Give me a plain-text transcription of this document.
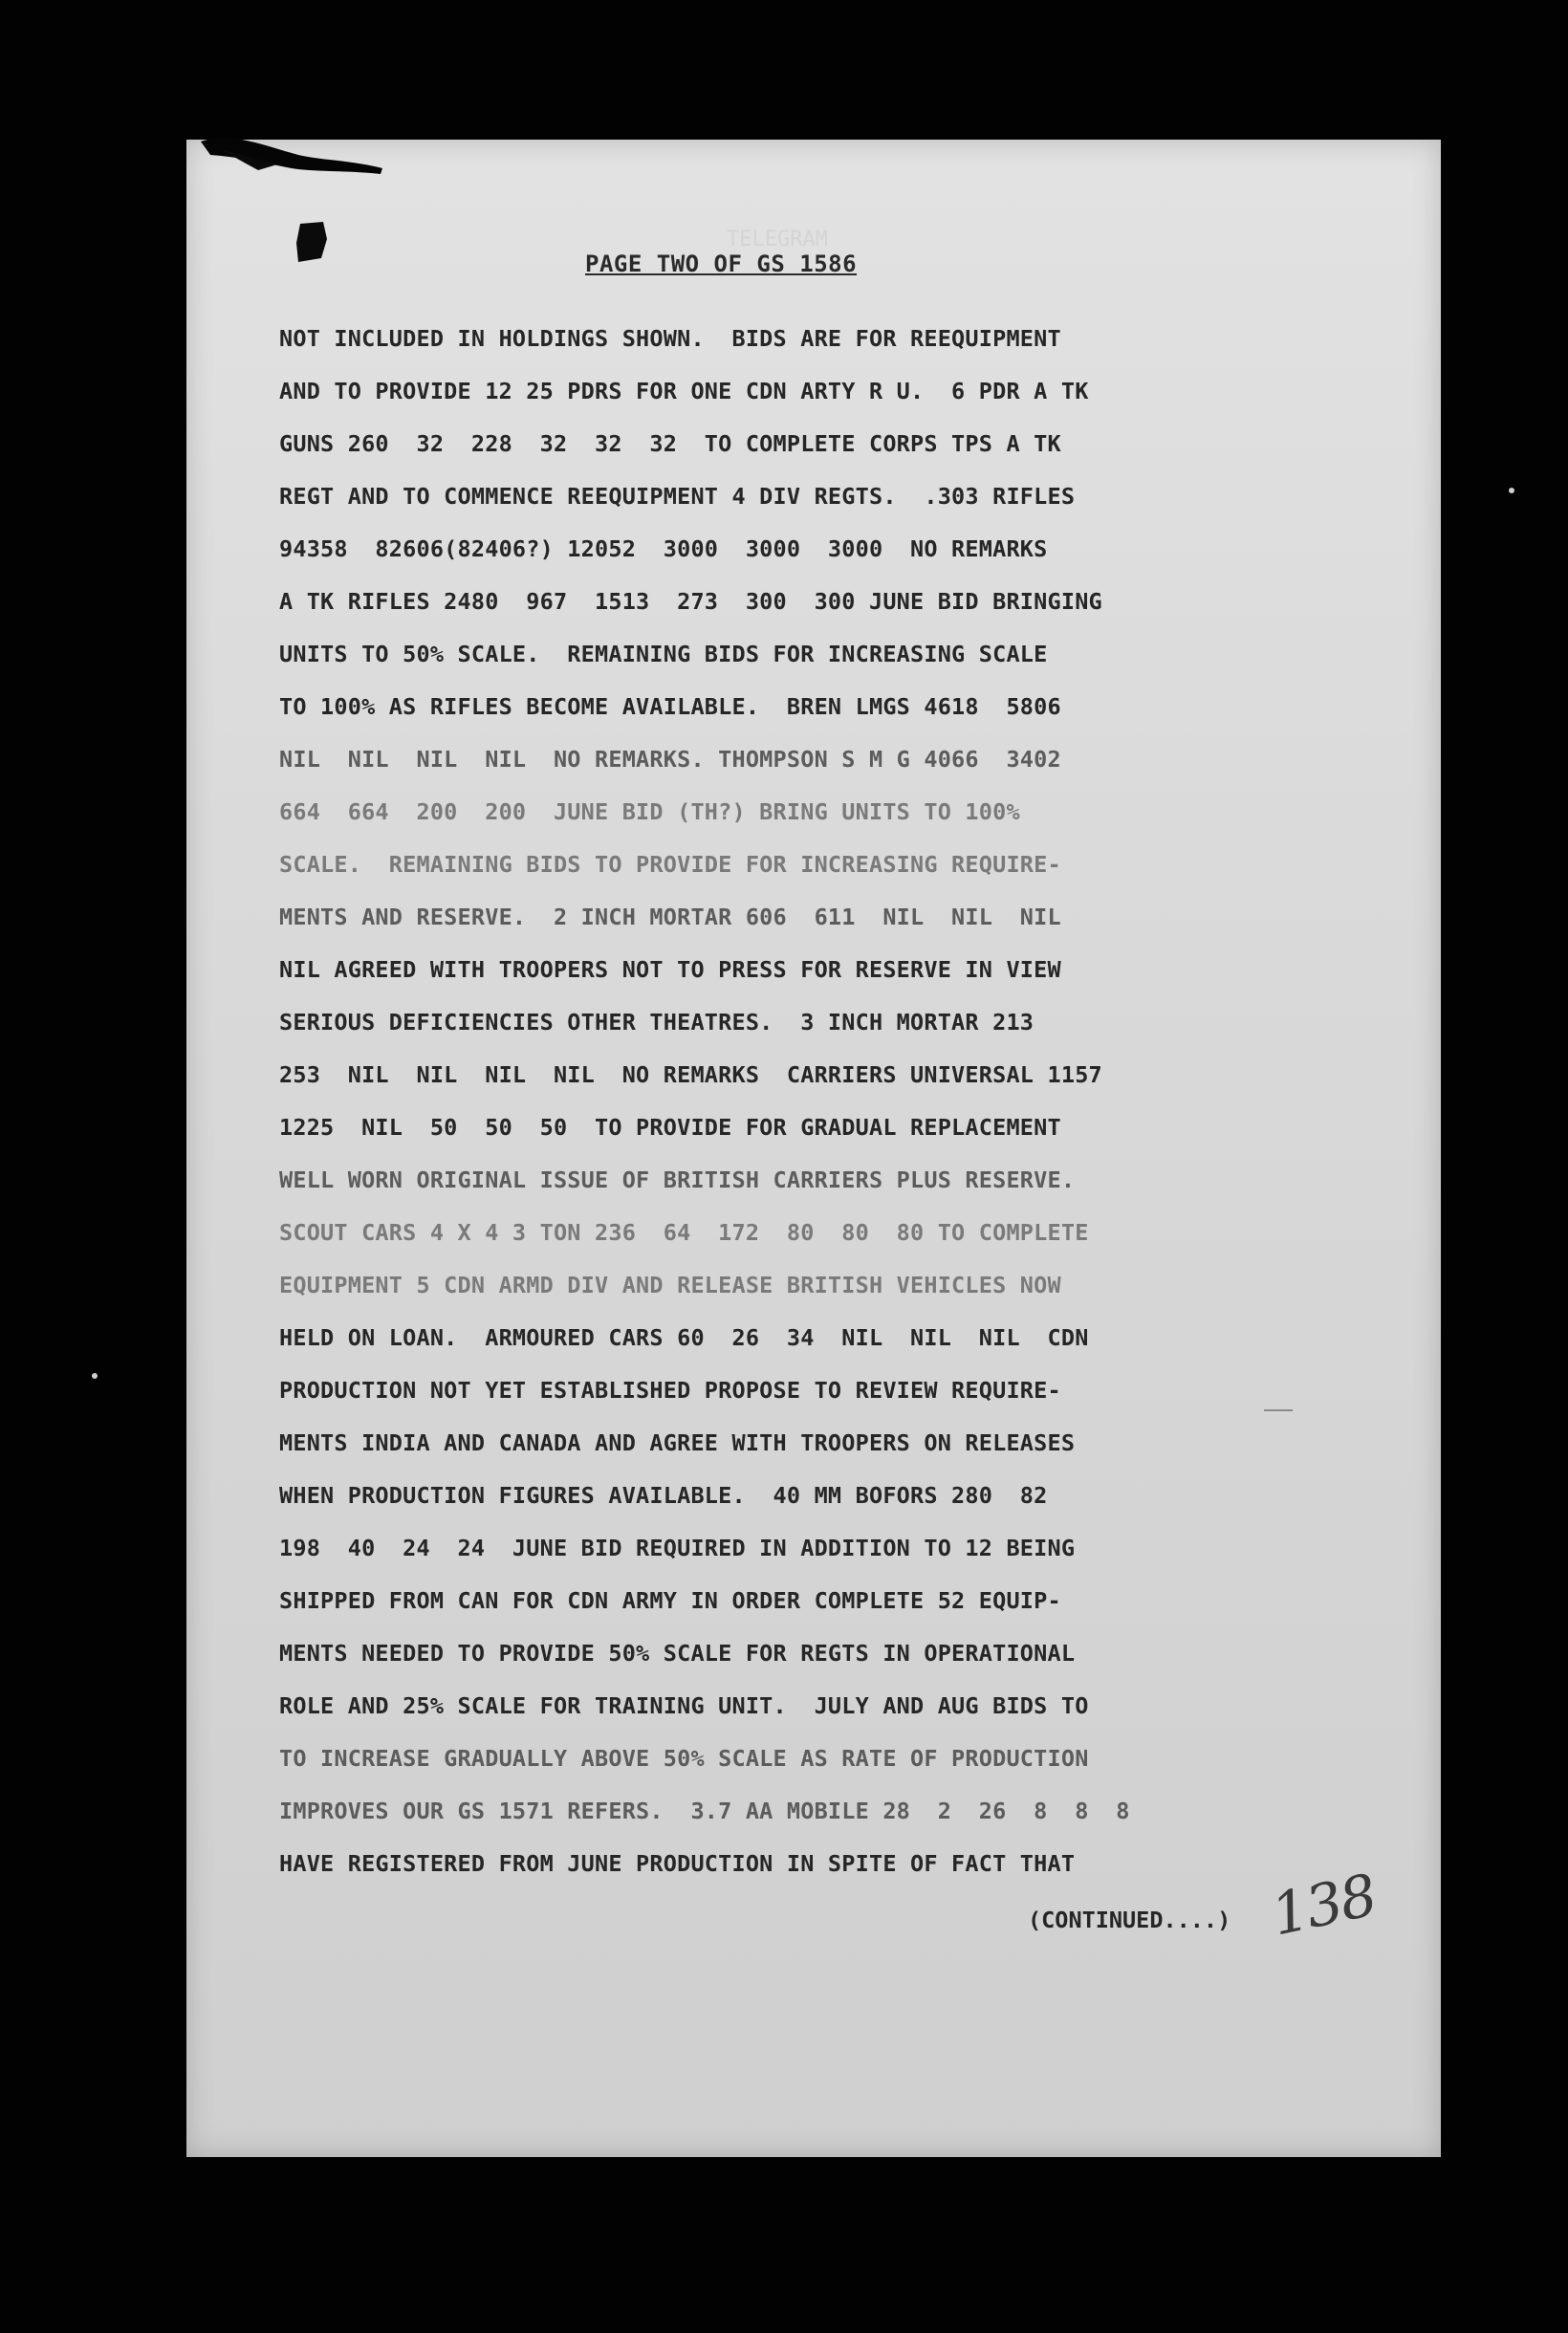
TELEGRAM
PAGE TWO OF GS 1586
NOT INCLUDED IN HOLDINGS SHOWN.  BIDS ARE FOR REEQUIPMENT
AND TO PROVIDE 12 25 PDRS FOR ONE CDN ARTY R U.  6 PDR A TK
GUNS 260  32  228  32  32  32  TO COMPLETE CORPS TPS A TK
REGT AND TO COMMENCE REEQUIPMENT 4 DIV REGTS.  .303 RIFLES
94358  82606(82406?) 12052  3000  3000  3000  NO REMARKS
A TK RIFLES 2480  967  1513  273  300  300 JUNE BID BRINGING
UNITS TO 50% SCALE.  REMAINING BIDS FOR INCREASING SCALE
TO 100% AS RIFLES BECOME AVAILABLE.  BREN LMGS 4618  5806
NIL  NIL  NIL  NIL  NO REMARKS. THOMPSON S M G 4066  3402
664  664  200  200  JUNE BID (TH?) BRING UNITS TO 100%
SCALE.  REMAINING BIDS TO PROVIDE FOR INCREASING REQUIRE-
MENTS AND RESERVE.  2 INCH MORTAR 606  611  NIL  NIL  NIL
NIL AGREED WITH TROOPERS NOT TO PRESS FOR RESERVE IN VIEW
SERIOUS DEFICIENCIES OTHER THEATRES.  3 INCH MORTAR 213
253  NIL  NIL  NIL  NIL  NO REMARKS  CARRIERS UNIVERSAL 1157
1225  NIL  50  50  50  TO PROVIDE FOR GRADUAL REPLACEMENT
WELL WORN ORIGINAL ISSUE OF BRITISH CARRIERS PLUS RESERVE.
SCOUT CARS 4 X 4 3 TON 236  64  172  80  80  80 TO COMPLETE
EQUIPMENT 5 CDN ARMD DIV AND RELEASE BRITISH VEHICLES NOW
HELD ON LOAN.  ARMOURED CARS 60  26  34  NIL  NIL  NIL  CDN
PRODUCTION NOT YET ESTABLISHED PROPOSE TO REVIEW REQUIRE-
MENTS INDIA AND CANADA AND AGREE WITH TROOPERS ON RELEASES
WHEN PRODUCTION FIGURES AVAILABLE.  40 MM BOFORS 280  82
198  40  24  24  JUNE BID REQUIRED IN ADDITION TO 12 BEING
SHIPPED FROM CAN FOR CDN ARMY IN ORDER COMPLETE 52 EQUIP-
MENTS NEEDED TO PROVIDE 50% SCALE FOR REGTS IN OPERATIONAL
ROLE AND 25% SCALE FOR TRAINING UNIT.  JULY AND AUG BIDS TO
TO INCREASE GRADUALLY ABOVE 50% SCALE AS RATE OF PRODUCTION
IMPROVES OUR GS 1571 REFERS.  3.7 AA MOBILE 28  2  26  8  8  8
HAVE REGISTERED FROM JUNE PRODUCTION IN SPITE OF FACT THAT
(CONTINUED....) 138
